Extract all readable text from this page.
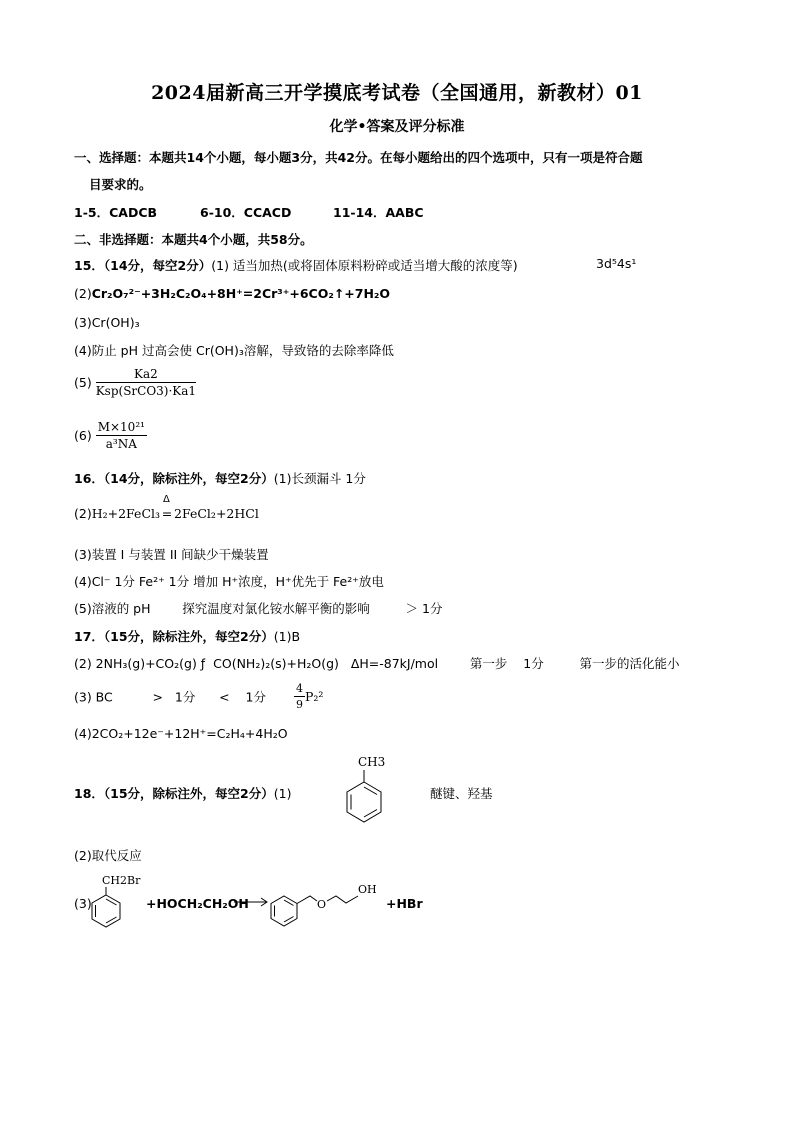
2024届新高三开学摸底考试卷（全国通用，新教材）01
化学•答案及评分标准
一、选择题：本题共14个小题，每小题3分，共42分。在每小题给出的四个选项中，只有一项是符合题
目要求的。
1-5．CADCB	6-10．CCACD	11-14．AABC
二、非选择题：本题共4个小题，共58分。
15．（14分，每空2分）(1) 适当加热(或将固体原料粉碎或适当增大酸的浓度等)	3d⁵4s¹
(2)Cr₂O₇²⁻+3H₂C₂O₄+8H⁺=2Cr³⁺+6CO₂↑+7H₂O
(3)Cr(OH)₃
(4)防止 pH 过高会使 Cr(OH)₃溶解，导致铬的去除率降低
$(5) \frac{Ka2}{\text{Ksp(SrCO3)·Ka1}}$
$(6) \frac{\text{M×10²¹}}{\text{a³NA}}$
16．（14分，除标注外，每空2分）(1)长颈漏斗 1分
(2)H₂+2FeCl₃
Δ
= 2FeCl₂+2HCl
(3)装置 I 与装置 II 间缺少干燥装置
(4)Cl⁻ 1分 Fe²⁺ 1分 增加 H⁺浓度，H⁺优先于 Fe²⁺放电
(5)溶液的 pH        探究温度对氯化铵水解平衡的影响         ＞ 1分
17．（15分，除标注外，每空2分）(1)B
(2) 2NH₃(g)+CO₂(g) ƒ  CO(NH₂)₂(s)+H₂O(g)   ΔH=-87kJ/mol        第一步    1分         第一步的活化能小
(3) BC          >   1分      <    1分	$\frac{4}{9} P_2^2$
(4)2CO₂+12e⁻+12H⁺=C₂H₄+4H₂O
18．（15分，除标注外，每空2分）(1)
CH3
醚键、羟基
(2)取代反应
(3)
CH2Br
+HOCH₂CH₂OH	O
OH
+HBr
